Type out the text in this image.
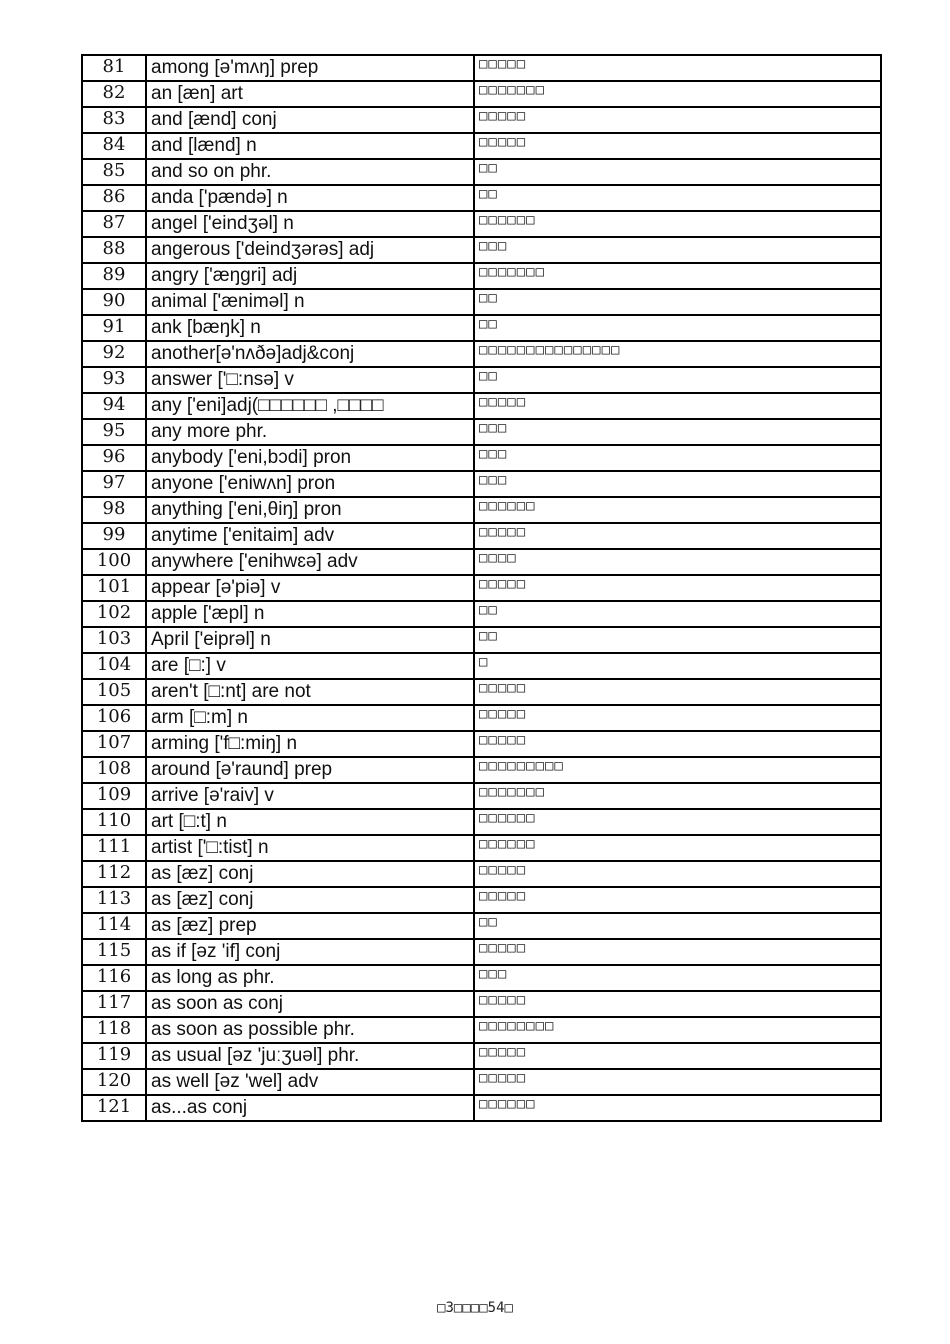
81	among [ə'mʌŋ] prep	□□□□□
82	an [æn] art	□□□□□□□
83	and [ænd] conj	□□□□□
84	and [lænd] n	□□□□□
85	and so on phr.	□□
86	anda ['pændə] n	□□
87	angel ['eindʒəl] n	□□□□□□
88	angerous ['deindʒərəs] adj	□□□
89	angry ['æŋgri] adj	□□□□□□□
90	animal ['æniməl] n	□□
91	ank [bæŋk] n	□□
92	another[ə'nʌðə]adj&conj	□□□□□□□□□□□□□□□
93	answer ['□:nsə] v	□□
94	any ['eni]adj(□□□□□□ ,□□□□	□□□□□
95	any more phr.	□□□
96	anybody ['eni,bɔdi] pron	□□□
97	anyone ['eniwʌn] pron	□□□
98	anything ['eni,θiŋ] pron	□□□□□□
99	anytime ['enitaim] adv	□□□□□
100	anywhere ['enihwɛə] adv	□□□□
101	appear [ə'piə] v	□□□□□
102	apple ['æpl] n	□□
103	April ['eiprəl] n	□□
104	are [□:] v	□
105	aren't [□:nt] are not	□□□□□
106	arm [□:m] n	□□□□□
107	arming ['f□:miŋ] n	□□□□□
108	around [ə'raund] prep	□□□□□□□□□
109	arrive [ə'raiv] v	□□□□□□□
110	art [□:t] n	□□□□□□
111	artist ['□:tist] n	□□□□□□
112	as [æz] conj	□□□□□
113	as [æz] conj	□□□□□
114	as [æz] prep	□□
115	as if [əz 'if] conj	□□□□□
116	as long as phr.	□□□
117	as soon as conj	□□□□□
118	as soon as possible phr.	□□□□□□□□
119	as usual [əz 'juːʒuəl] phr.	□□□□□
120	as well [əz 'wel] adv	□□□□□
121	as...as conj	□□□□□□
□3□□□□54□
